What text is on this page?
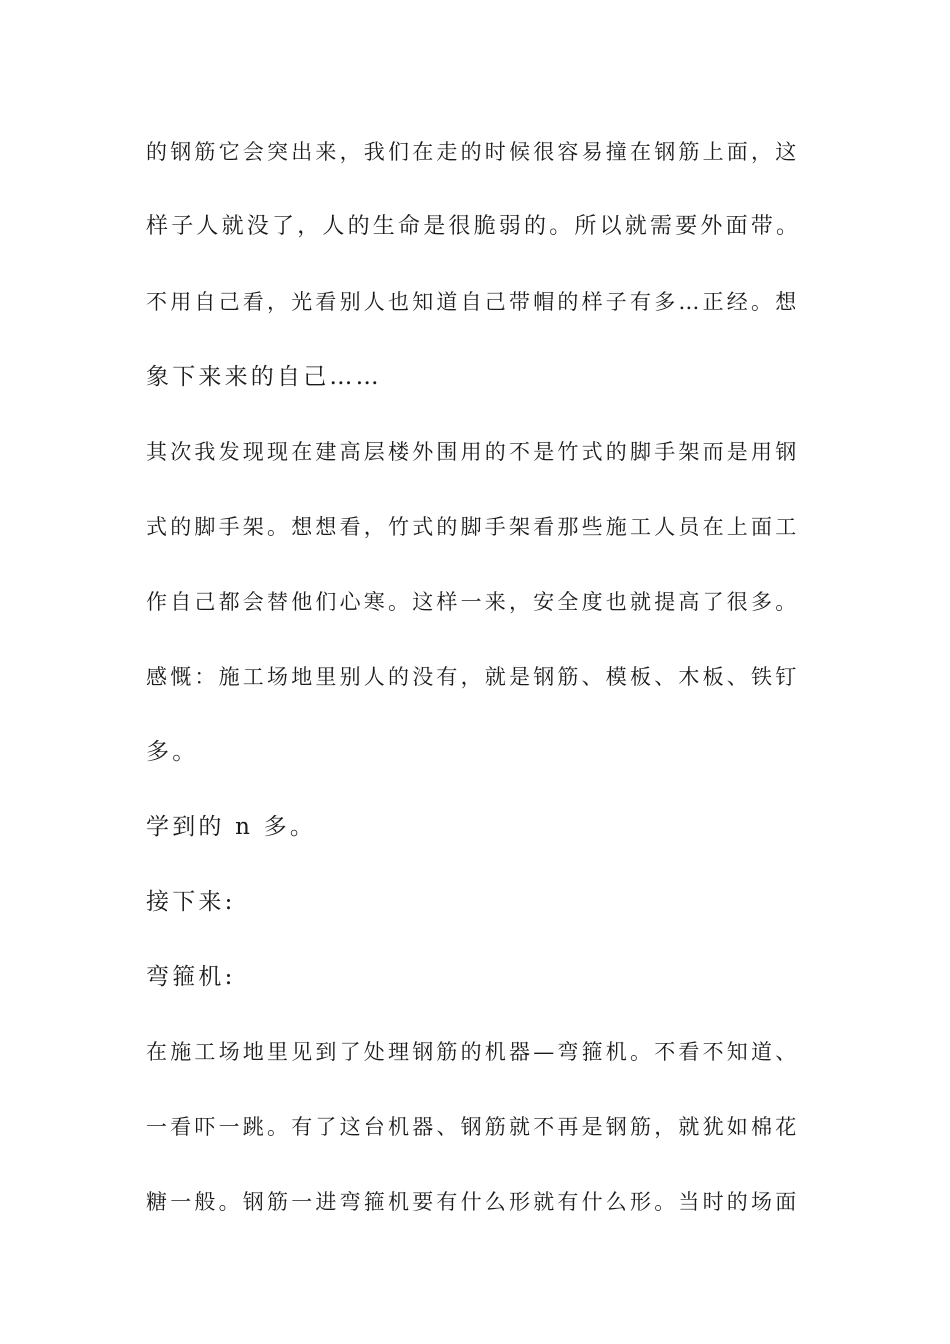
的钢筋它会突出来，我们在走的时候很容易撞在钢筋上面，这
样子人就没了，人的生命是很脆弱的。所以就需要外面带。
不用自己看，光看别人也知道自己带帽的样子有多…正经。想
象下来来的自己……
其次我发现现在建高层楼外围用的不是竹式的脚手架而是用钢
式的脚手架。想想看，竹式的脚手架看那些施工人员在上面工
作自己都会替他们心寒。这样一来，安全度也就提高了很多。
感慨：施工场地里别人的没有，就是钢筋、模板、木板、铁钉
多。
学到的 n 多。
接下来:
弯箍机:
在施工场地里见到了处理钢筋的机器—弯箍机。不看不知道、
一看吓一跳。有了这台机器、钢筋就不再是钢筋，就犹如棉花
糖一般。钢筋一进弯箍机要有什么形就有什么形。当时的场面
